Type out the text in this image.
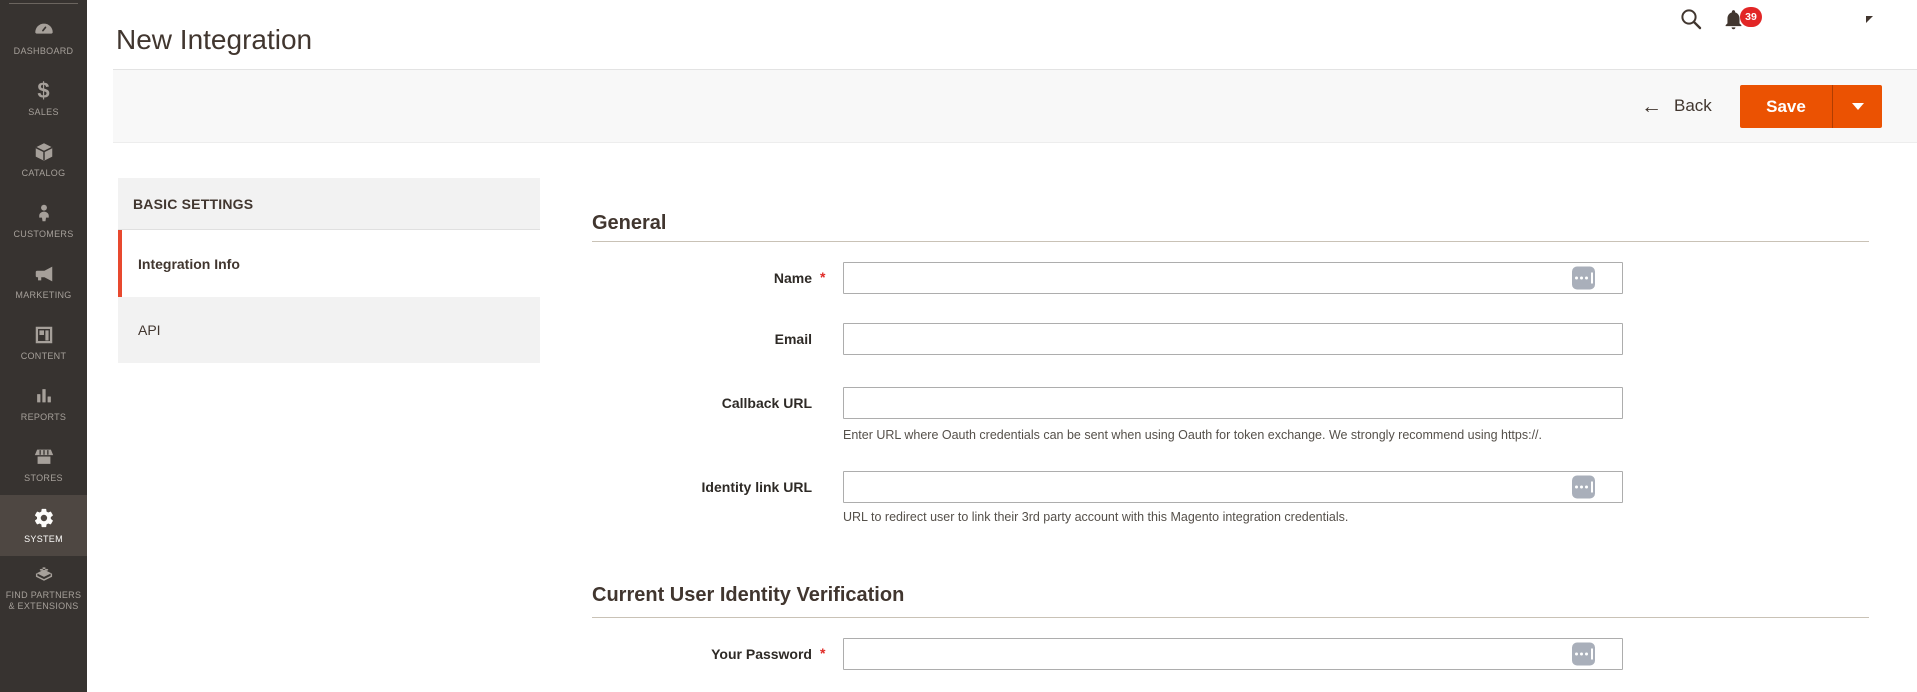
DASHBOARD
$
SALES
CATALOG
CUSTOMERS
MARKETING
CONTENT
REPORTS
STORES
SYSTEM
FIND PARTNERS & EXTENSIONS
New Integration
39
← Back	Save
BASIC SETTINGS
Integration Info
API
General
Name *
Email
Callback URL
Enter URL where Oauth credentials can be sent when using Oauth for token exchange. We strongly recommend using https://.
Identity link URL
URL to redirect user to link their 3rd party account with this Magento integration credentials.
Current User Identity Verification
Your Password *
